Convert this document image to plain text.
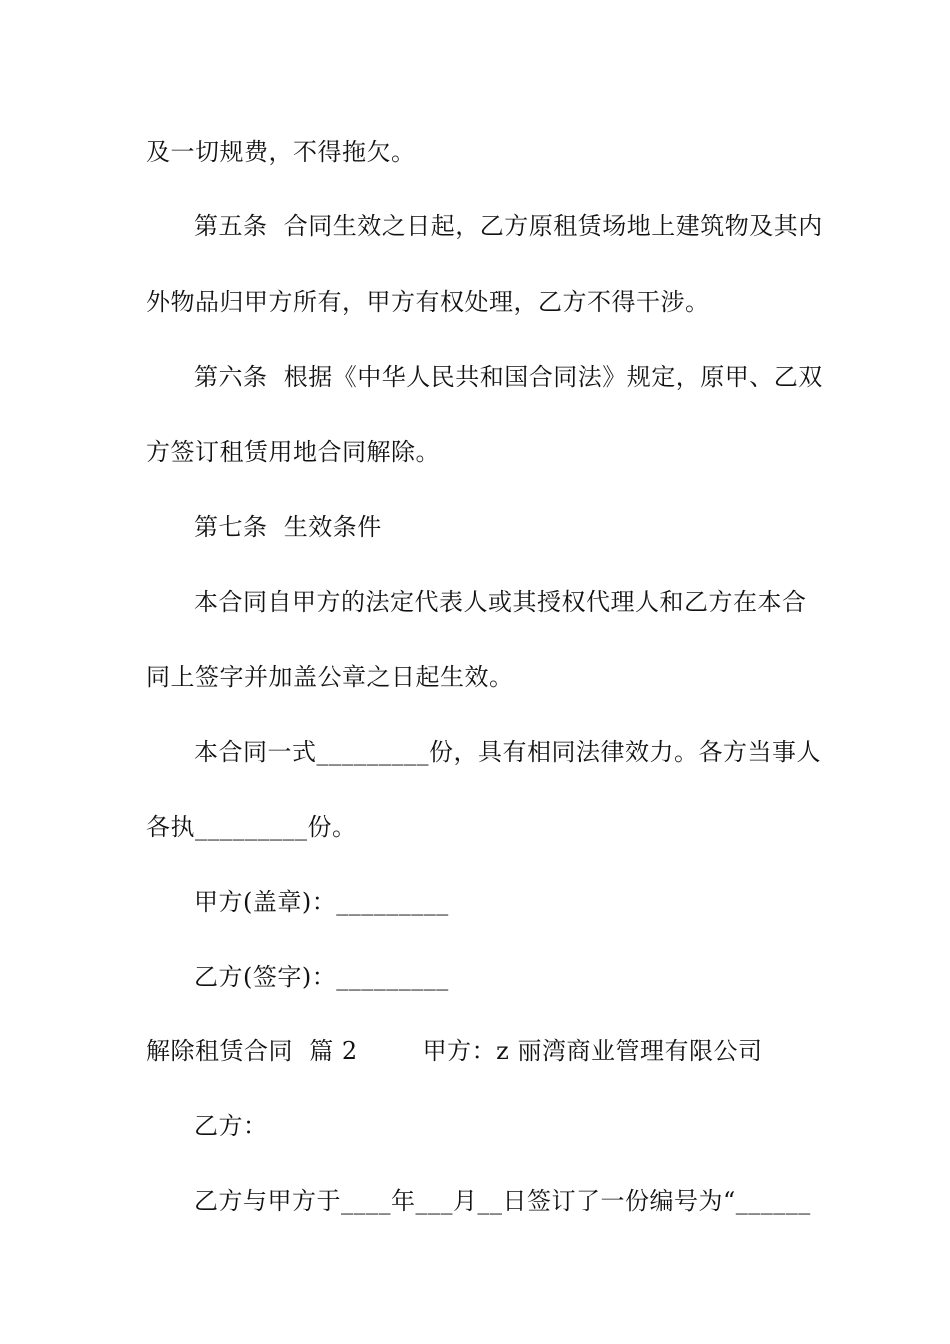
及一切规费，不得拖欠。
第五条  合同生效之日起，乙方原租赁场地上建筑物及其内
外物品归甲方所有，甲方有权处理，乙方不得干涉。
第六条  根据《中华人民共和国合同法》规定，原甲、乙双
方签订租赁用地合同解除。
第七条  生效条件
本合同自甲方的法定代表人或其授权代理人和乙方在本合
同上签字并加盖公章之日起生效。
本合同一式_________份，具有相同法律效力。各方当事人
各执_________份。
甲方(盖章)：_________
乙方(签字)：_________
解除租赁合同  篇 2        甲方：z 丽湾商业管理有限公司
乙方：
乙方与甲方于____年___月__日签订了一份编号为“______
